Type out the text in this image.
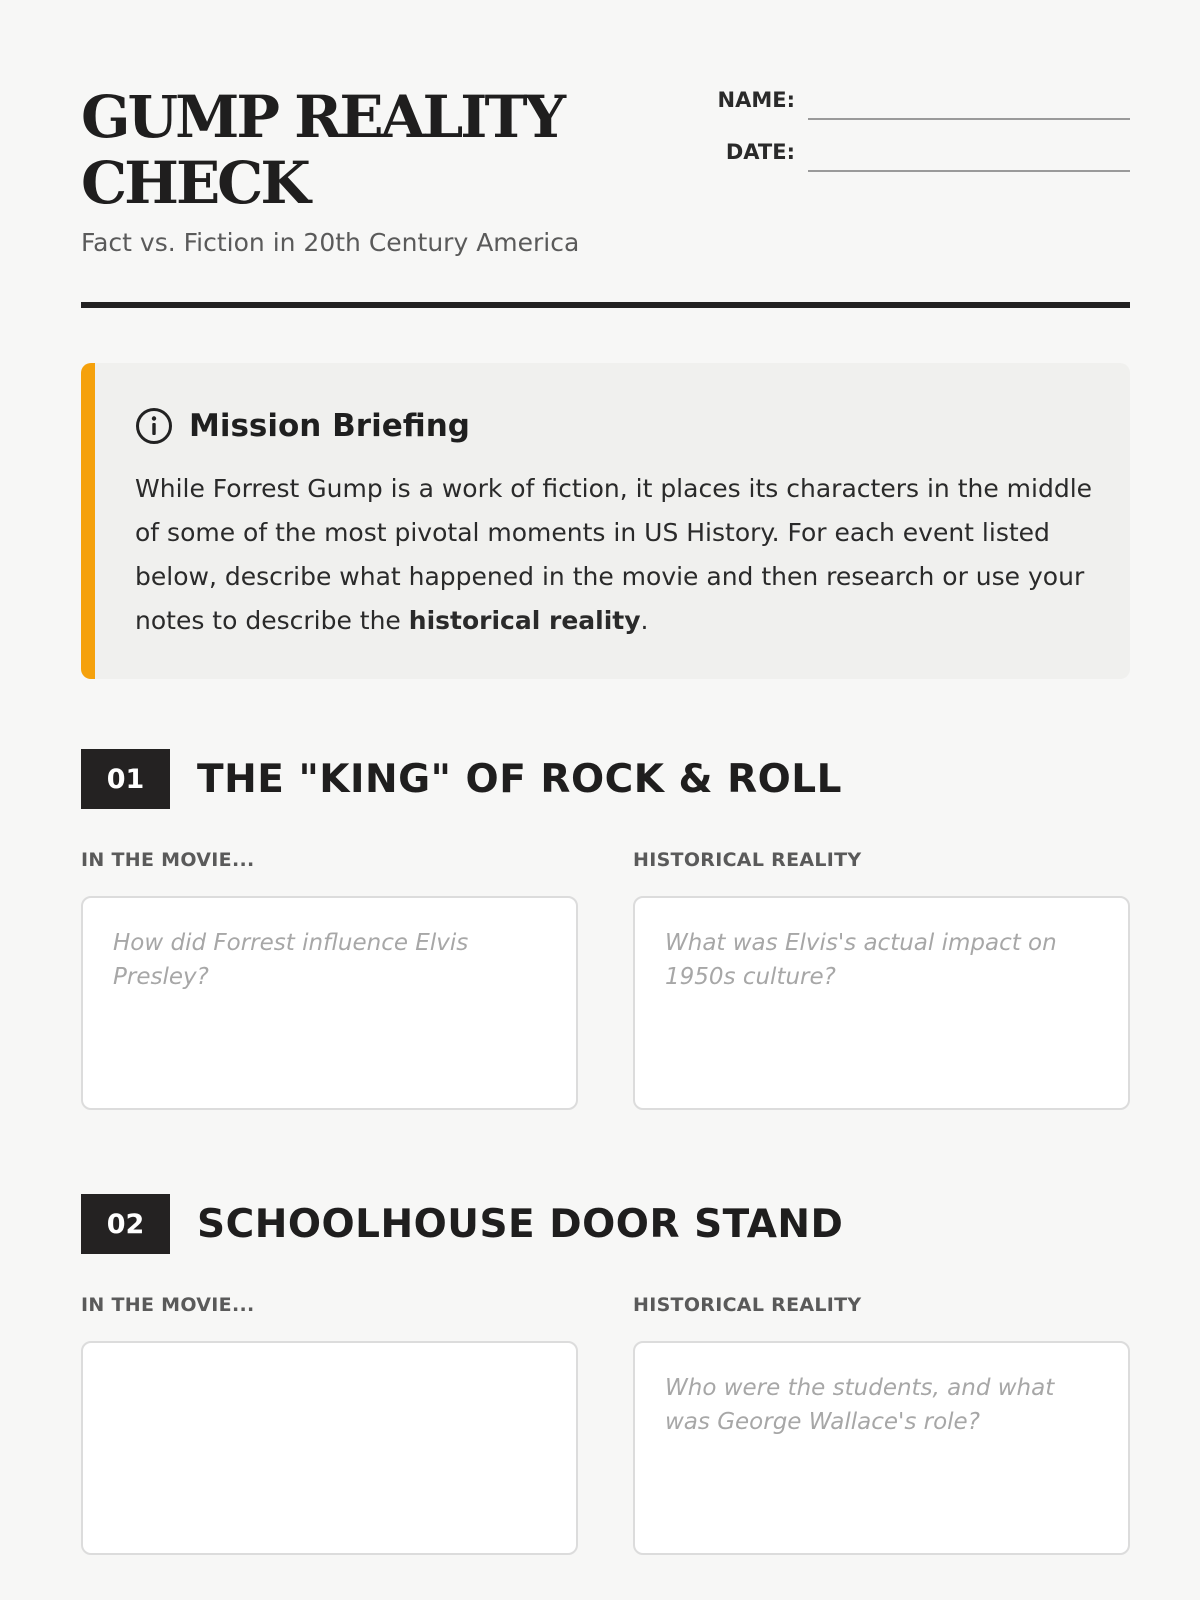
GUMP REALITY CHECK
Fact vs. Fiction in 20th Century America
NAME:
DATE:
Mission Briefing
While Forrest Gump is a work of fiction, it places its characters in the middle of some of the most pivotal moments in US History. For each event listed below, describe what happened in the movie and then research or use your notes to describe the historical reality.
01	THE "KING" OF ROCK & ROLL
IN THE MOVIE...	HISTORICAL REALITY
How did Forrest influence Elvis Presley?
What was Elvis's actual impact on 1950s culture?
02	SCHOOLHOUSE DOOR STAND
IN THE MOVIE...	HISTORICAL REALITY
Who were the students, and what was George Wallace's role?
